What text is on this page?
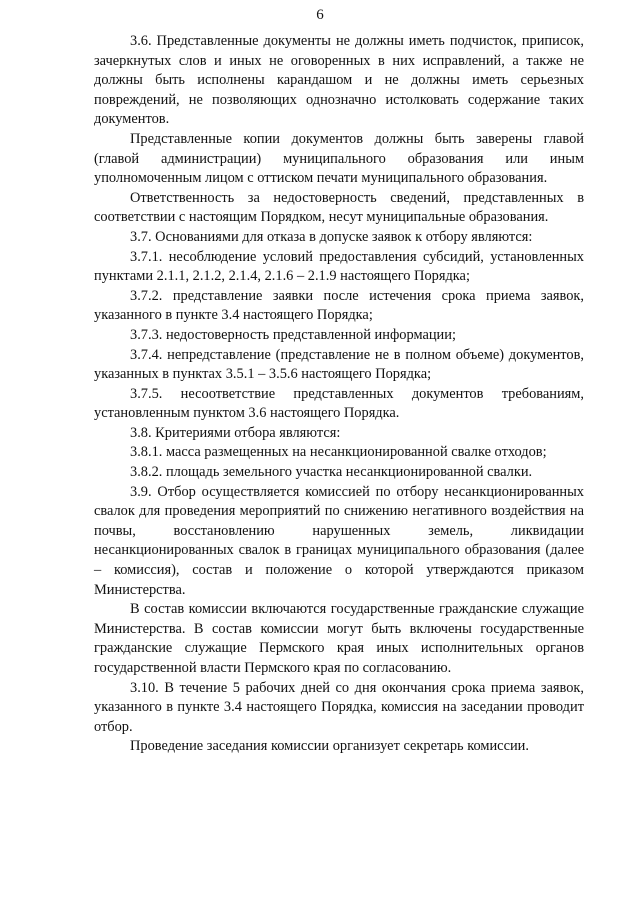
6

3.6. Представленные документы не должны иметь подчисток, приписок, зачеркнутых слов и иных не оговоренных в них исправлений, а также не должны быть исполнены карандашом и не должны иметь серьезных повреждений, не позволяющих однозначно истолковать содержание таких документов.

Представленные копии документов должны быть заверены главой (главой администрации) муниципального образования или иным уполномоченным лицом с оттиском печати муниципального образования.

Ответственность за недостоверность сведений, представленных в соответствии с настоящим Порядком, несут муниципальные образования.

3.7. Основаниями для отказа в допуске заявок к отбору являются:

3.7.1. несоблюдение условий предоставления субсидий, установленных пунктами 2.1.1, 2.1.2, 2.1.4, 2.1.6 – 2.1.9 настоящего Порядка;

3.7.2. представление заявки после истечения срока приема заявок, указанного в пункте 3.4 настоящего Порядка;

3.7.3. недостоверность представленной информации;

3.7.4. непредставление (представление не в полном объеме) документов, указанных в пунктах 3.5.1 – 3.5.6 настоящего Порядка;

3.7.5. несоответствие представленных документов требованиям, установленным пунктом 3.6 настоящего Порядка.

3.8. Критериями отбора являются:

3.8.1. масса размещенных на несанкционированной свалке отходов;

3.8.2. площадь земельного участка несанкционированной свалки.

3.9. Отбор осуществляется комиссией по отбору несанкционированных свалок для проведения мероприятий по снижению негативного воздействия на почвы, восстановлению нарушенных земель, ликвидации несанкционированных свалок в границах муниципального образования (далее – комиссия), состав и положение о которой утверждаются приказом Министерства.

В состав комиссии включаются государственные гражданские служащие Министерства. В состав комиссии могут быть включены государственные гражданские служащие Пермского края иных исполнительных органов государственной власти Пермского края по согласованию.

3.10. В течение 5 рабочих дней со дня окончания срока приема заявок, указанного в пункте 3.4 настоящего Порядка, комиссия на заседании проводит отбор.

Проведение заседания комиссии организует секретарь комиссии.
